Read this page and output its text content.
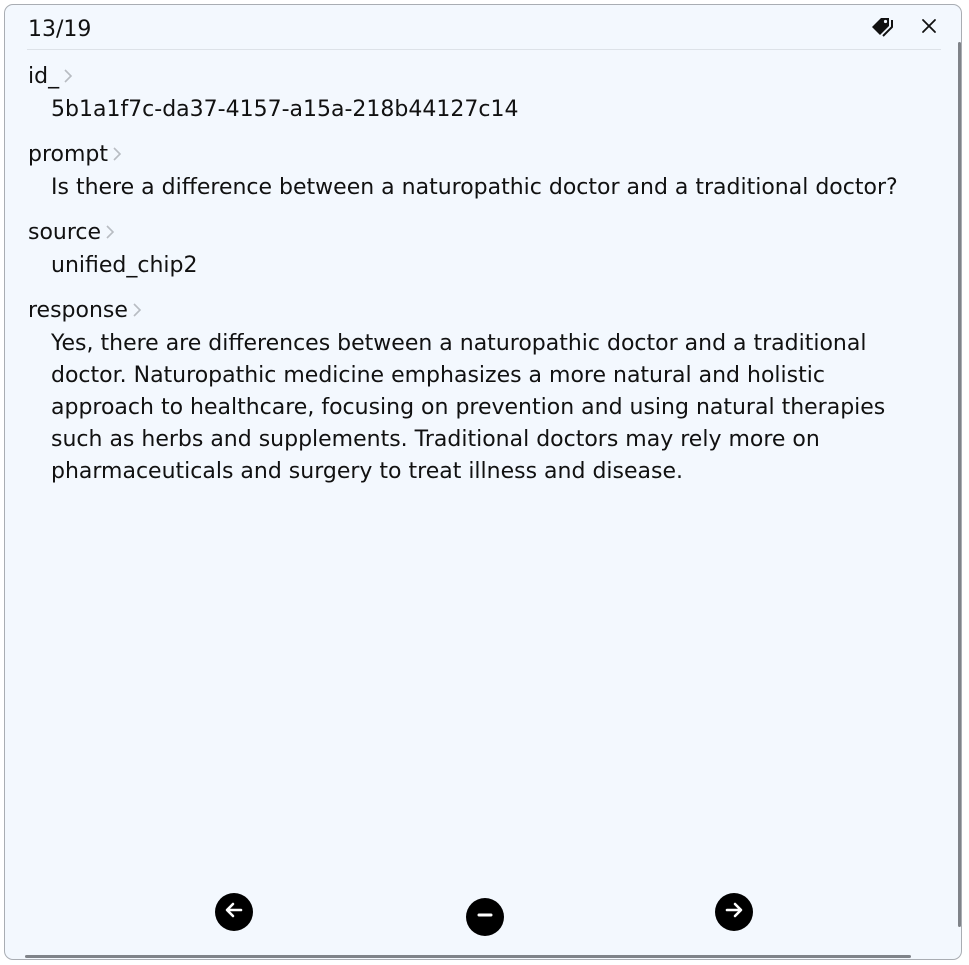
13/19
id_
5b1a1f7c-da37-4157-a15a-218b44127c14
prompt
Is there a difference between a naturopathic doctor and a traditional doctor?
source
unified_chip2
response
Yes, there are differences between a naturopathic doctor and a traditional doctor. Naturopathic medicine emphasizes a more natural and holistic approach to healthcare, focusing on prevention and using natural therapies such as herbs and supplements. Traditional doctors may rely more on pharmaceuticals and surgery to treat illness and disease.
